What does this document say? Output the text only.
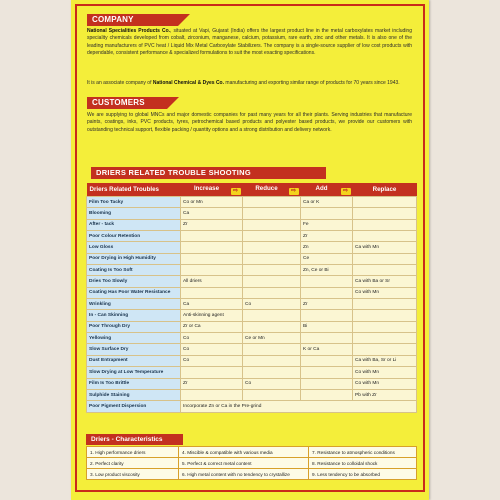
COMPANY
National Specialities Products Co., situated at Vapi, Gujarat (India) offers the largest product line in the metal carboxylates market including speciality chemicals developed from cobalt, zirconium, manganese, calcium, potassium, rare earth, zinc and other metals. It is also one of the leading manufacturers of PVC heat / Liquid Mix Metal Carboxylate Stabilizers. The company is a single-source supplier of low cost products with dependable, consistent performance & specialized formulations to suit the most exacting specifications.
It is an associate company of National Chemical & Dyes Co. manufacturing and exporting similar range of products for 70 years since 1943.
CUSTOMERS
We are supplying to global MNCs and major domestic companies for past many years for all their plants. Serving industries that manufacture paints, coatings, inks, PVC products, tyres, petrochemical based products and polyester based products, we provide our customers with outstanding technical support, flexible packing / quantity options and a strong distribution and delivery network.
DRIERS RELATED TROUBLE SHOOTING
Driers Related Troubles	Increase ⇨	Reduce ⇨	Add ⇨	Replace
Film Too Tacky	Co or Mn		Ca or K	
Blooming	Ca			
After - tack	Zr		Fe	
Poor Colour Retention			Zr	
Low Gloss			Zn	Ca with Mn
Poor Drying in High Humidity			Ce	
Coating Is Too Soft			Zn, Ce or Bi	
Dries Too Slowly	All driers			Ca with Ba or Sr
Coating Has Poor Water Resistance				Co with Mn
Wrinkling	Ca	Co	Zr	
In - Can Skinning	Anti-skinning agent			
Poor Through Dry	Zr or Ca		Bi	
Yellowing	Co	Ce or Mn		
Slow Surface Dry	Co		K or Ca	
Dust Entrapment	Co			Ca with Ba, Sr or Li
Slow Drying at Low Temperature				Co with Mn
Film Is Too Brittle	Zr	Co		Co with Mn
Sulphide Staining				Pb with Zr
Poor Pigment Dispersion	Incorporate Zn or Ca in the Pre-grind			
Driers - Characteristics
1. High performance driers	4. Miscible & compatible with various media	7. Resistance to atmospheric conditions
2. Perfect clarity	5. Perfect & correct metal content	8. Resistance to colloidal shock
3. Low product viscosity	6. High metal content with no tendency to crystallize	9. Less tendency to be absorbed
